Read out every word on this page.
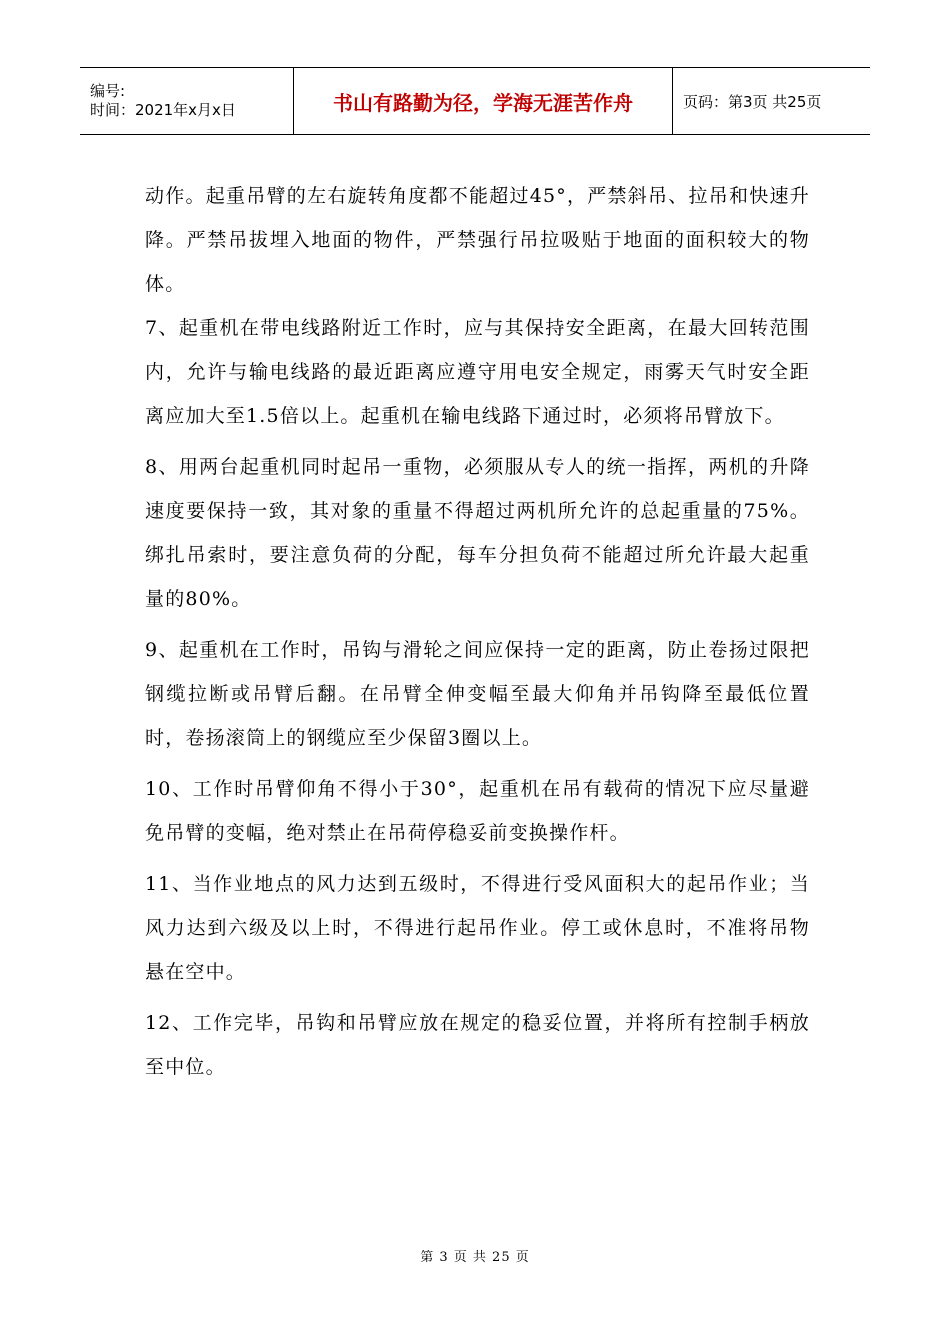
编号:
时间：2021年x月x日	书山有路勤为径，学海无涯苦作舟	页码：第3页 共25页

动作。起重吊臂的左右旋转角度都不能超过45°，严禁斜吊、拉吊和快速升降。严禁吊拔埋入地面的物件，严禁强行吊拉吸贴于地面的面积较大的物体。

7、起重机在带电线路附近工作时，应与其保持安全距离，在最大回转范围内，允许与输电线路的最近距离应遵守用电安全规定，雨雾天气时安全距离应加大至1.5倍以上。起重机在输电线路下通过时，必须将吊臂放下。

8、用两台起重机同时起吊一重物，必须服从专人的统一指挥，两机的升降速度要保持一致，其对象的重量不得超过两机所允许的总起重量的75%。绑扎吊索时，要注意负荷的分配，每车分担负荷不能超过所允许最大起重量的80%。

9、起重机在工作时，吊钩与滑轮之间应保持一定的距离，防止卷扬过限把钢缆拉断或吊臂后翻。在吊臂全伸变幅至最大仰角并吊钩降至最低位置时，卷扬滚筒上的钢缆应至少保留3圈以上。

10、工作时吊臂仰角不得小于30°，起重机在吊有载荷的情况下应尽量避免吊臂的变幅，绝对禁止在吊荷停稳妥前变换操作杆。

11、当作业地点的风力达到五级时，不得进行受风面积大的起吊作业；当风力达到六级及以上时，不得进行起吊作业。停工或休息时，不准将吊物悬在空中。

12、工作完毕，吊钩和吊臂应放在规定的稳妥位置，并将所有控制手柄放至中位。

第 3 页 共 25 页
